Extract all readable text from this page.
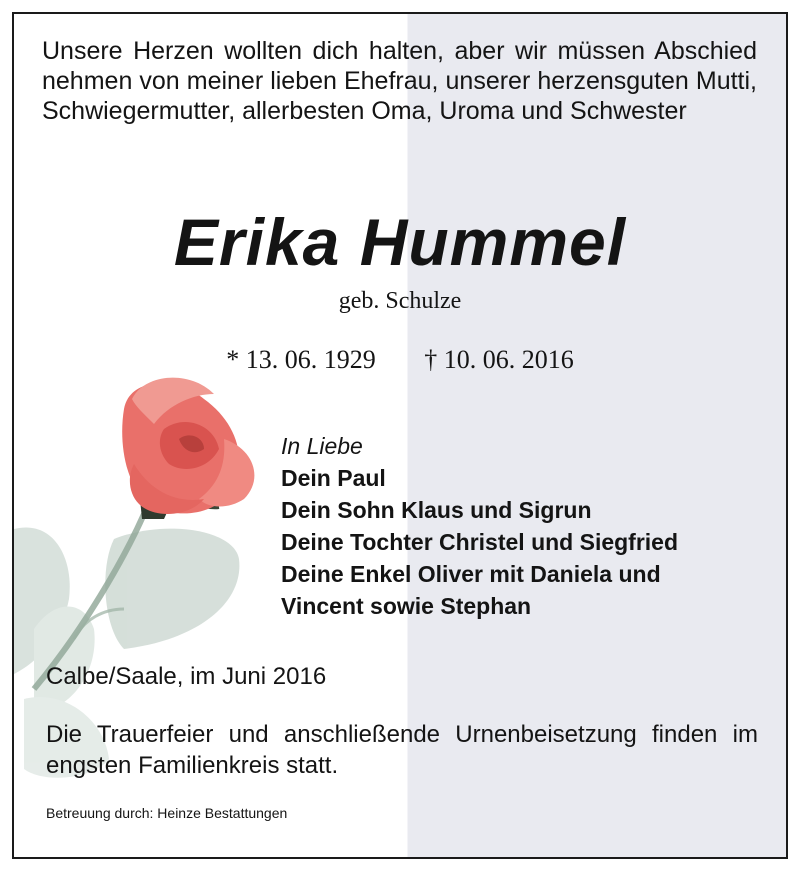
Unsere Herzen wollten dich halten, aber wir müssen Abschied nehmen von meiner lieben Ehefrau, unserer herzensguten Mutti, Schwiegermutter, allerbesten Oma, Uroma und Schwester

Erika Hummel
geb. Schulze
* 13. 06. 1929 † 10. 06. 2016
In Liebe
Dein Paul
Dein Sohn Klaus und Sigrun
Deine Tochter Christel und Siegfried
Deine Enkel Oliver mit Daniela und
Vincent sowie Stephan
Calbe/Saale, im Juni 2016

Die Trauerfeier und anschließende Urnenbeisetzung finden im engsten Familienkreis statt.

Betreuung durch: Heinze Bestattungen
